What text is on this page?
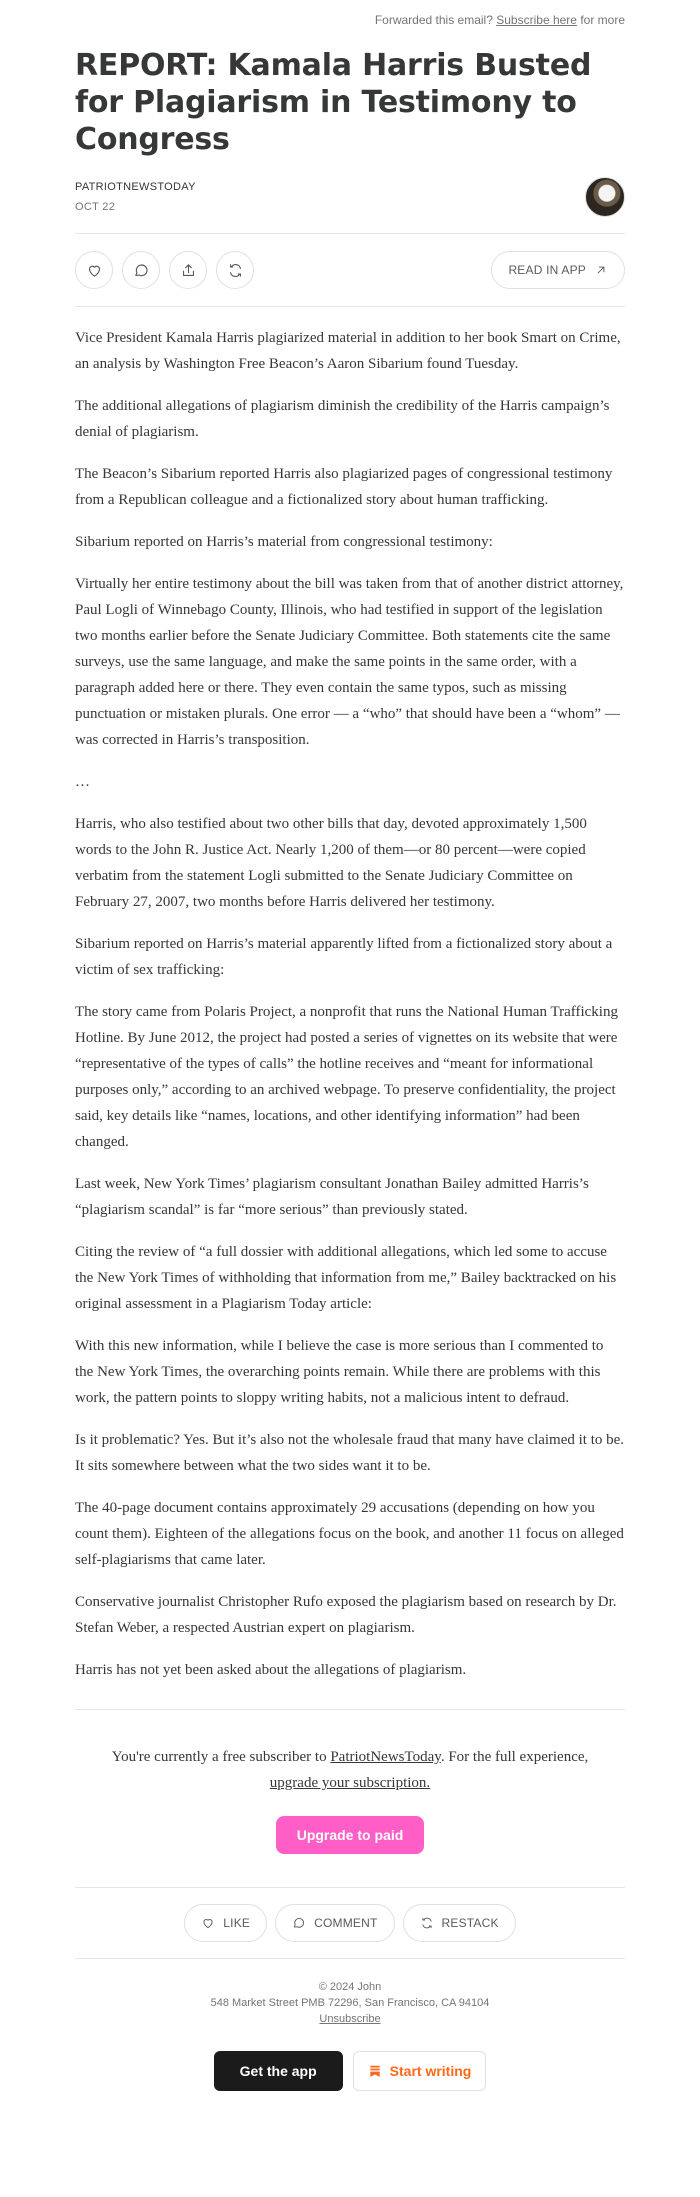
Forwarded this email? Subscribe here for more
REPORT: Kamala Harris Busted for Plagiarism in Testimony to Congress
PATRIOTNEWSTODAY
OCT 22
READ IN APP

Vice President Kamala Harris plagiarized material in addition to her book Smart on Crime, an analysis by Washington Free Beacon’s Aaron Sibarium found Tuesday.

The additional allegations of plagiarism diminish the credibility of the Harris campaign’s denial of plagiarism.

The Beacon’s Sibarium reported Harris also plagiarized pages of congressional testimony from a Republican colleague and a fictionalized story about human trafficking.

Sibarium reported on Harris’s material from congressional testimony:

Virtually her entire testimony about the bill was taken from that of another district attorney, Paul Logli of Winnebago County, Illinois, who had testified in support of the legislation two months earlier before the Senate Judiciary Committee. Both statements cite the same surveys, use the same language, and make the same points in the same order, with a paragraph added here or there. They even contain the same typos, such as missing punctuation or mistaken plurals. One error — a “who” that should have been a “whom” — was corrected in Harris’s transposition.

…

Harris, who also testified about two other bills that day, devoted approximately 1,500 words to the John R. Justice Act. Nearly 1,200 of them—or 80 percent—were copied verbatim from the statement Logli submitted to the Senate Judiciary Committee on February 27, 2007, two months before Harris delivered her testimony.

Sibarium reported on Harris’s material apparently lifted from a fictionalized story about a victim of sex trafficking:

The story came from Polaris Project, a nonprofit that runs the National Human Trafficking Hotline. By June 2012, the project had posted a series of vignettes on its website that were “representative of the types of calls” the hotline receives and “meant for informational purposes only,” according to an archived webpage. To preserve confidentiality, the project said, key details like “names, locations, and other identifying information” had been changed.

Last week, New York Times’ plagiarism consultant Jonathan Bailey admitted Harris’s “plagiarism scandal” is far “more serious” than previously stated.

Citing the review of “a full dossier with additional allegations, which led some to accuse the New York Times of withholding that information from me,” Bailey backtracked on his original assessment in a Plagiarism Today article:

With this new information, while I believe the case is more serious than I commented to the New York Times, the overarching points remain. While there are problems with this work, the pattern points to sloppy writing habits, not a malicious intent to defraud.

Is it problematic? Yes. But it’s also not the wholesale fraud that many have claimed it to be. It sits somewhere between what the two sides want it to be.

The 40-page document contains approximately 29 accusations (depending on how you count them). Eighteen of the allegations focus on the book, and another 11 focus on alleged self-plagiarisms that came later.

Conservative journalist Christopher Rufo exposed the plagiarism based on research by Dr. Stefan Weber, a respected Austrian expert on plagiarism.

Harris has not yet been asked about the allegations of plagiarism.

You're currently a free subscriber to PatriotNewsToday. For the full experience, upgrade your subscription.

Upgrade to paid
LIKE	COMMENT	RESTACK
© 2024 John
548 Market Street PMB 72296, San Francisco, CA 94104
Unsubscribe
Get the app	Start writing
